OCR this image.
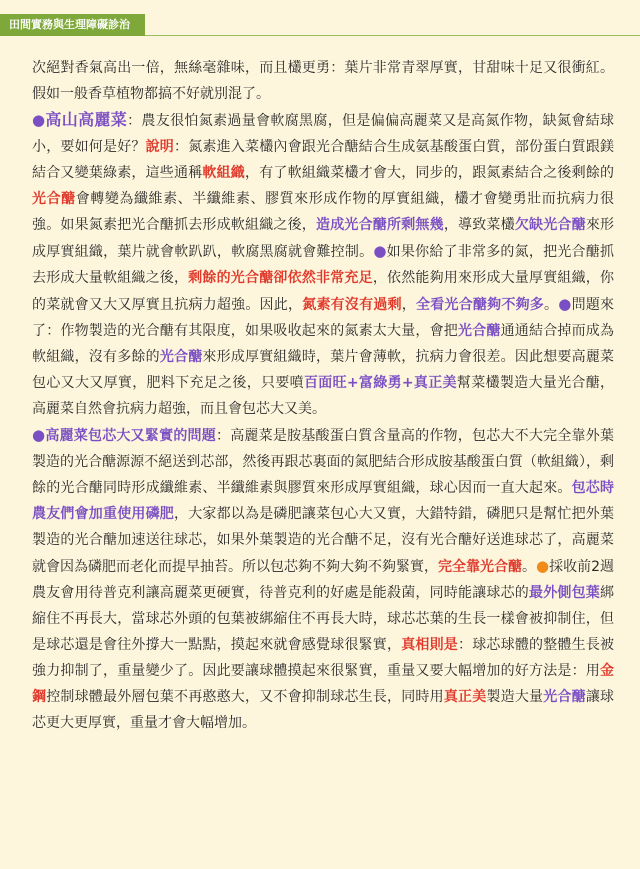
田間實務與生理障礙診治

次絕對香氣高出一倍，無絲毫雜味，而且欉更勇：葉片非常青翠厚實，甘甜味十足又很衝紅。假如一般香草植物都搞不好就別混了。

●高山高麗菜：農友很怕氮素過量會軟腐黑腐，但是偏偏高麗菜又是高氮作物，缺氮會結球小，要如何是好？說明：氮素進入菜欉內會跟光合醣結合生成氨基酸蛋白質，部份蛋白質跟鎂結合又變葉綠素，這些通稱軟組織，有了軟組織菜欉才會大，同步的，跟氮素結合之後剩餘的光合醣會轉變為纖維素、半纖維素、膠質來形成作物的厚實組織，欉才會變勇壯而抗病力很強。如果氮素把光合醣抓去形成軟組織之後，造成光合醣所剩無幾，導致菜欉欠缺光合醣來形成厚實組織，葉片就會軟趴趴，軟腐黑腐就會難控制。●如果你給了非常多的氮，把光合醣抓去形成大量軟組織之後，剩餘的光合醣卻依然非常充足，依然能夠用來形成大量厚實組織，你的菜就會又大又厚實且抗病力超強。因此，氮素有沒有過剩，全看光合醣夠不夠多。●問題來了：作物製造的光合醣有其限度，如果吸收起來的氮素太大量，會把光合醣通通結合掉而成為軟組織，沒有多餘的光合醣來形成厚實組織時，葉片會薄軟，抗病力會很差。因此想要高麗菜包心又大又厚實，肥料下充足之後，只要噴百面旺+富綠勇+真正美幫菜欉製造大量光合醣，高麗菜自然會抗病力超強，而且會包芯大又美。

●高麗菜包芯大又緊實的問題：高麗菜是胺基酸蛋白質含量高的作物，包芯大不大完全靠外葉製造的光合醣源源不絕送到芯部，然後再跟芯裏面的氮肥結合形成胺基酸蛋白質（軟組織），剩餘的光合醣同時形成纖維素、半纖維素與膠質來形成厚實組織，球心因而一直大起來。包芯時農友們會加重使用磷肥，大家都以為是磷肥讓菜包心大又實，大錯特錯，磷肥只是幫忙把外葉製造的光合醣加速送往球芯，如果外葉製造的光合醣不足，沒有光合醣好送進球芯了，高麗菜就會因為磷肥而老化而提早抽苔。所以包芯夠不夠大夠不夠緊實，完全靠光合醣。●採收前2週農友會用待普克利讓高麗菜更硬實，待普克利的好處是能殺菌，同時能讓球芯的最外側包葉綁縮住不再長大，當球芯外頭的包葉被綁縮住不再長大時，球芯芯葉的生長一樣會被抑制住，但是球芯還是會往外撐大一點點，摸起來就會感覺球很緊實，真相則是：球芯球體的整體生長被強力抑制了，重量變少了。因此要讓球體摸起來很緊實，重量又要大幅增加的好方法是：用金鋼控制球體最外層包葉不再憨憨大，又不會抑制球芯生長，同時用真正美製造大量光合醣讓球芯更大更厚實，重量才會大幅增加。
